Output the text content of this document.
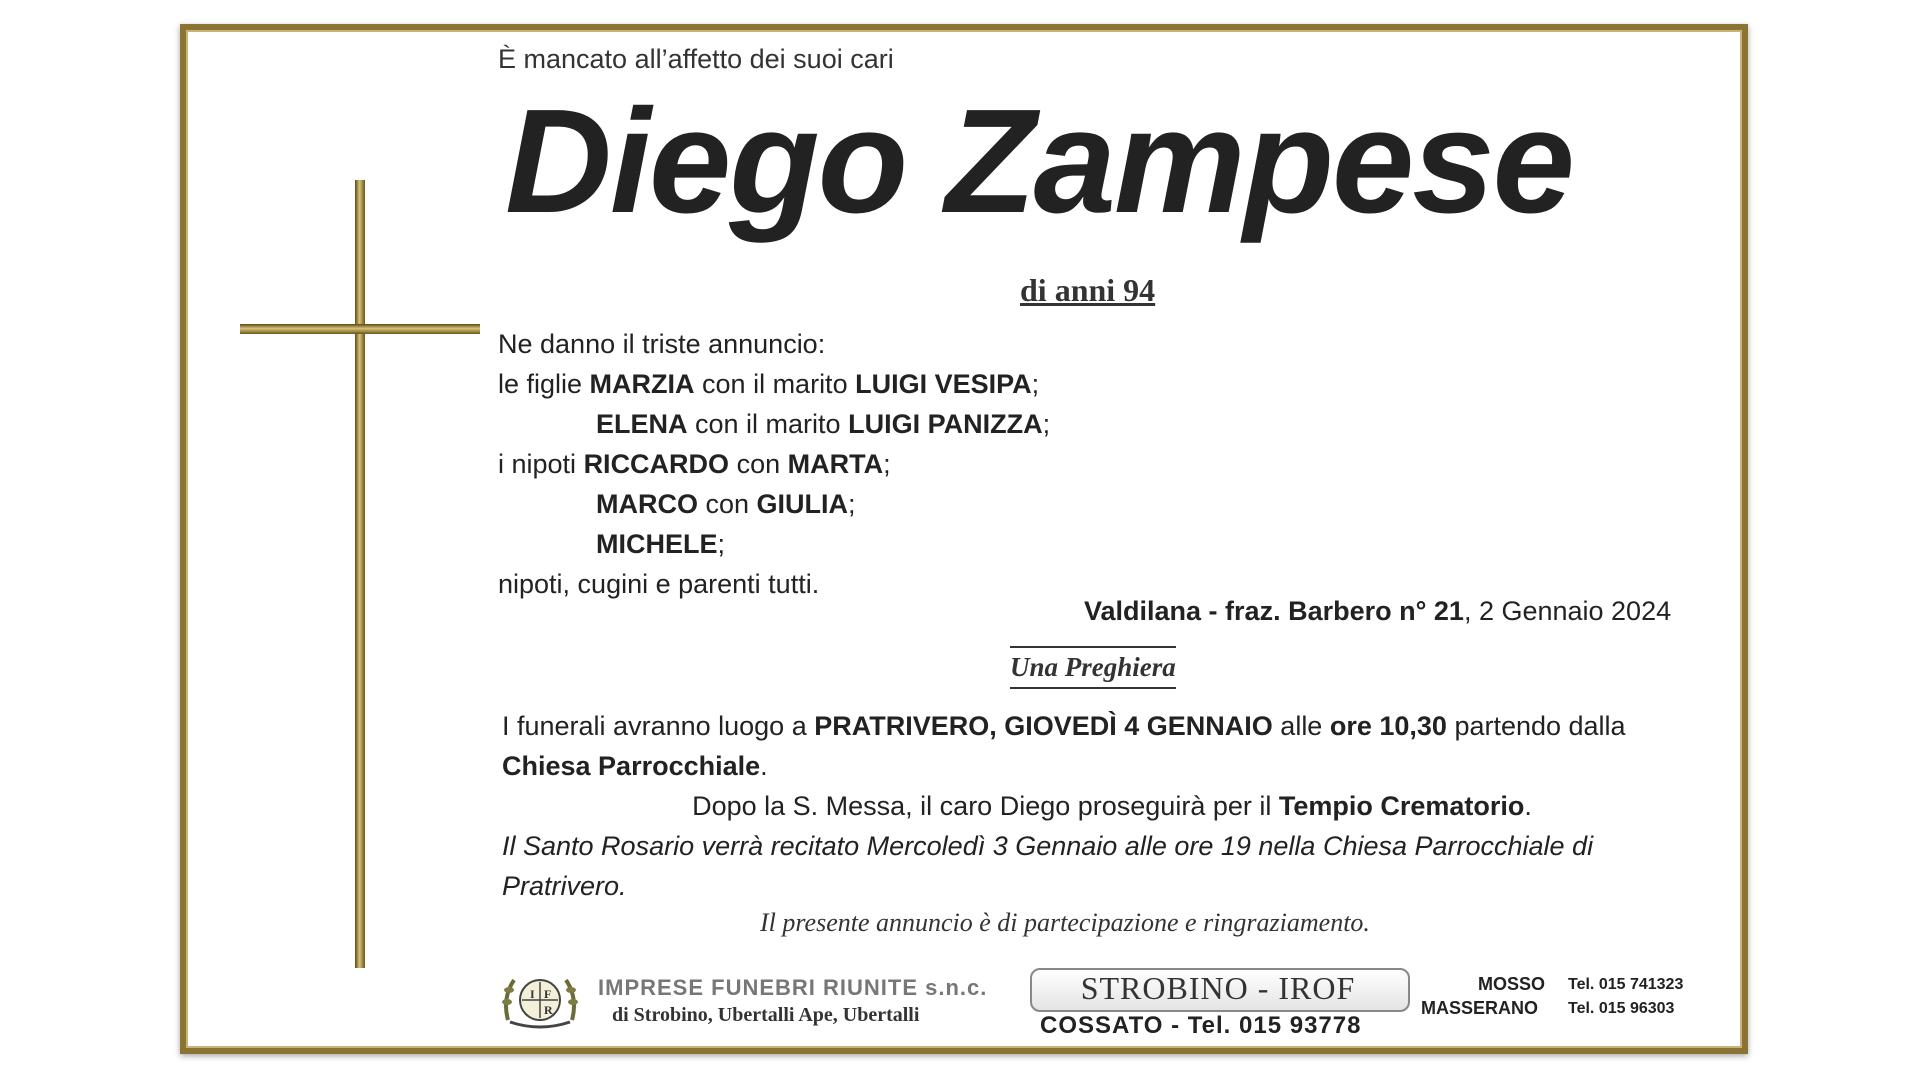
È mancato all’affetto dei suoi cari
Diego Zampese
di anni 94
Ne danno il triste annuncio:
le figlie MARZIA con il marito LUIGI VESIPA;
ELENA con il marito LUIGI PANIZZA;
i nipoti RICCARDO con MARTA;
MARCO con GIULIA;
MICHELE;
nipoti, cugini e parenti tutti.
Valdilana - fraz. Barbero n° 21, 2 Gennaio 2024
Una Preghiera
I funerali avranno luogo a PRATRIVERO, GIOVEDÌ 4 GENNAIO alle ore 10,30 partendo dalla
Chiesa Parrocchiale.
Dopo la S. Messa, il caro Diego proseguirà per il Tempio Crematorio.
Il Santo Rosario verrà recitato Mercoledì 3 Gennaio alle ore 19 nella Chiesa Parrocchiale di
Pratrivero.
Il presente annuncio è di partecipazione e ringraziamento.
I F
R
IMPRESE FUNEBRI RIUNITE s.n.c.
di Strobino, Ubertalli Ape, Ubertalli
STROBINO - IROF
COSSATO - Tel. 015 93778
MOSSO Tel. 015 741323
MASSERANO Tel. 015 96303
